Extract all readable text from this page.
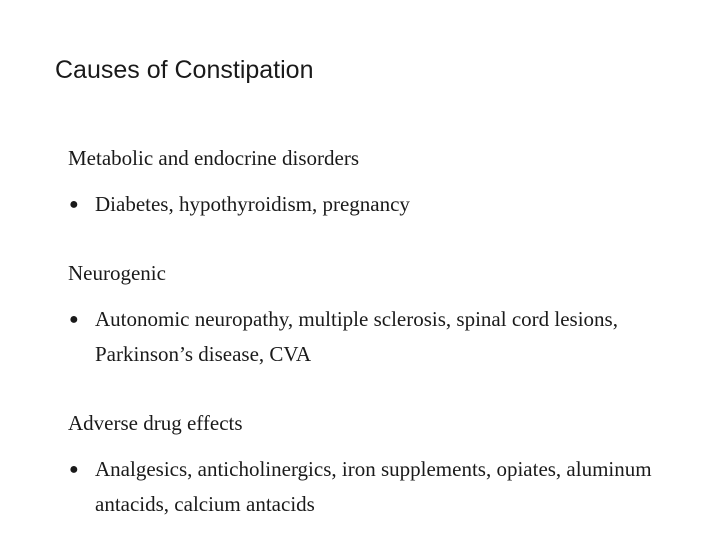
Causes of Constipation

Metabolic and endocrine disorders

● Diabetes, hypothyroidism, pregnancy

Neurogenic

● Autonomic neuropathy, multiple sclerosis, spinal cord lesions, Parkinson’s disease, CVA

Adverse drug effects

● Analgesics, anticholinergics, iron supplements, opiates, aluminum antacids, calcium antacids
